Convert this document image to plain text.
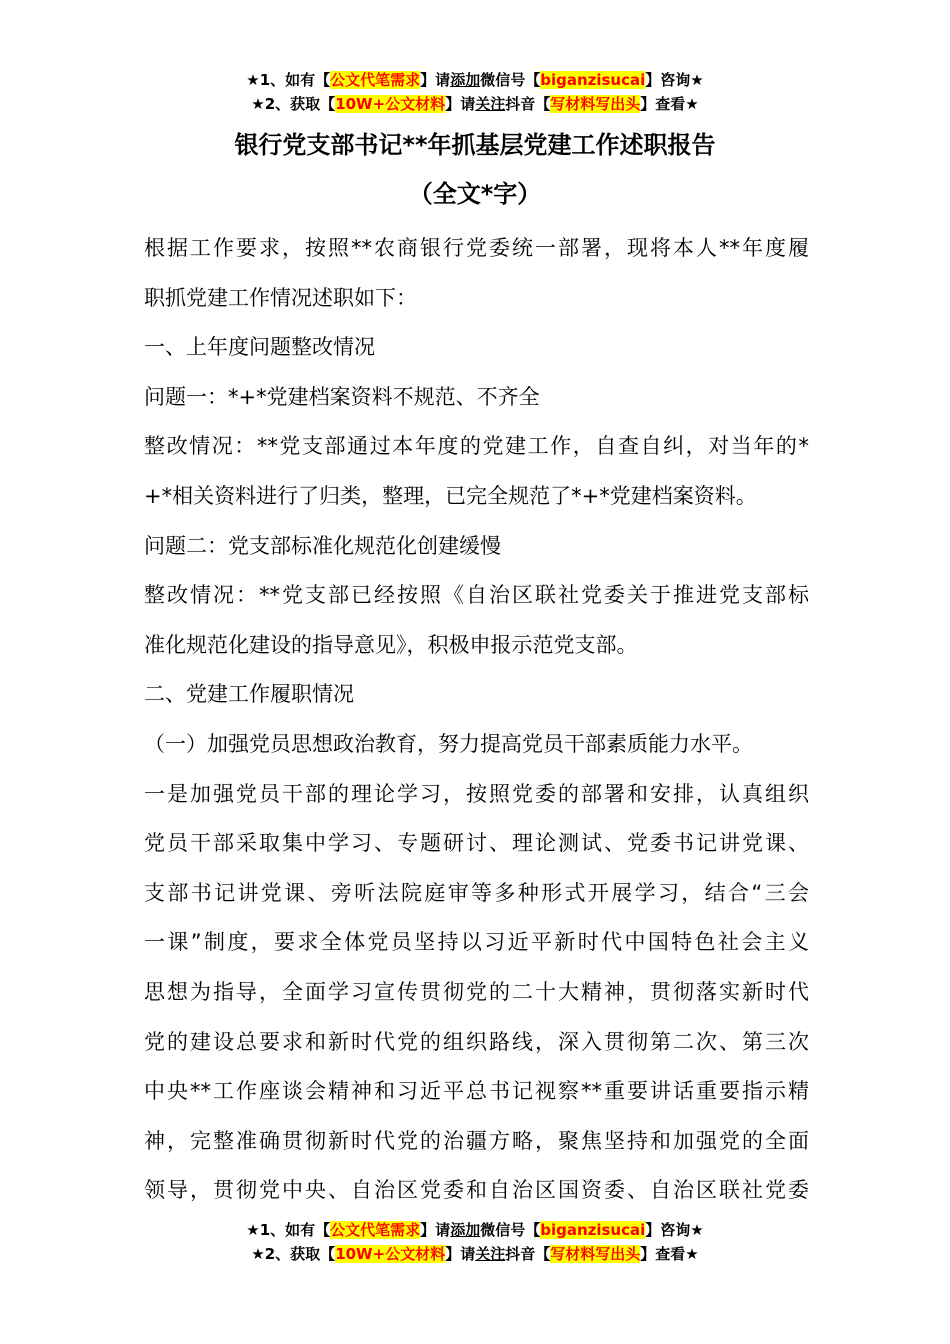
★1、如有【公文代笔需求】请添加微信号【biganzisucai】咨询★
★2、获取【10W+公文材料】请关注抖音【写材料写出头】查看★
银行党支部书记**年抓基层党建工作述职报告
（全文*字）
根据工作要求，按照**农商银行党委统一部署，现将本人**年度履
职抓党建工作情况述职如下：
一、上年度问题整改情况
问题一：*+*党建档案资料不规范、不齐全
整改情况：**党支部通过本年度的党建工作，自查自纠，对当年的*
+*相关资料进行了归类，整理，已完全规范了*+*党建档案资料。
问题二：党支部标准化规范化创建缓慢
整改情况：**党支部已经按照《自治区联社党委关于推进党支部标
准化规范化建设的指导意见》，积极申报示范党支部。
二、党建工作履职情况
（一）加强党员思想政治教育，努力提高党员干部素质能力水平。
一是加强党员干部的理论学习，按照党委的部署和安排，认真组织
党员干部采取集中学习、专题研讨、理论测试、党委书记讲党课、
支部书记讲党课、旁听法院庭审等多种形式开展学习，结合“三会
一课”制度，要求全体党员坚持以习近平新时代中国特色社会主义
思想为指导，全面学习宣传贯彻党的二十大精神，贯彻落实新时代
党的建设总要求和新时代党的组织路线，深入贯彻第二次、第三次
中央**工作座谈会精神和习近平总书记视察**重要讲话重要指示精
神，完整准确贯彻新时代党的治疆方略，聚焦坚持和加强党的全面
领导，贯彻党中央、自治区党委和自治区国资委、自治区联社党委
★1、如有【公文代笔需求】请添加微信号【biganzisucai】咨询★
★2、获取【10W+公文材料】请关注抖音【写材料写出头】查看★
